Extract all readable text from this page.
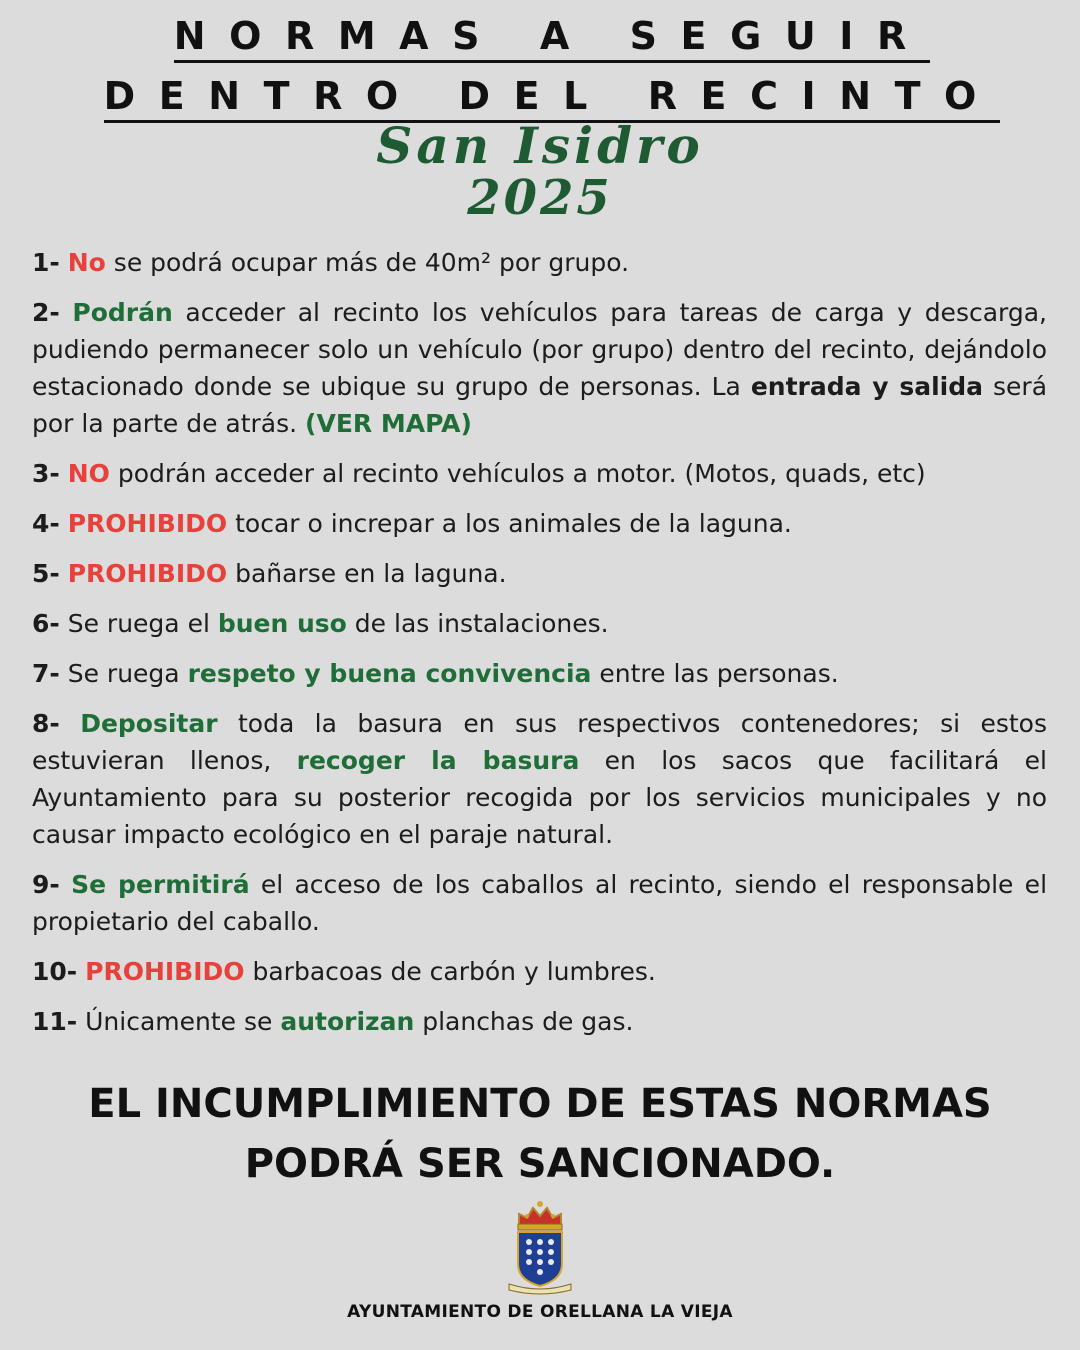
NORMAS A SEGUIR
DENTRO DEL RECINTO
San Isidro
2025

1- No se podrá ocupar más de 40m² por grupo.

2- Podrán acceder al recinto los vehículos para tareas de carga y descarga, pudiendo permanecer solo un vehículo (por grupo) dentro del recinto, dejándolo estacionado donde se ubique su grupo de personas. La entrada y salida será por la parte de atrás. (VER MAPA)

3- NO podrán acceder al recinto vehículos a motor. (Motos, quads, etc)

4- PROHIBIDO tocar o increpar a los animales de la laguna.

5- PROHIBIDO bañarse en la laguna.

6- Se ruega el buen uso de las instalaciones.

7- Se ruega respeto y buena convivencia entre las personas.

8- Depositar toda la basura en sus respectivos contenedores; si estos estuvieran llenos, recoger la basura en los sacos que facilitará el Ayuntamiento para su posterior recogida por los servicios municipales y no causar impacto ecológico en el paraje natural.

9- Se permitirá el acceso de los caballos al recinto, siendo el responsable el propietario del caballo.

10- PROHIBIDO barbacoas de carbón y lumbres.

11- Únicamente se autorizan planchas de gas.

EL INCUMPLIMIENTO DE ESTAS NORMAS
PODRÁ SER SANCIONADO.
AYUNTAMIENTO DE ORELLANA LA VIEJA
